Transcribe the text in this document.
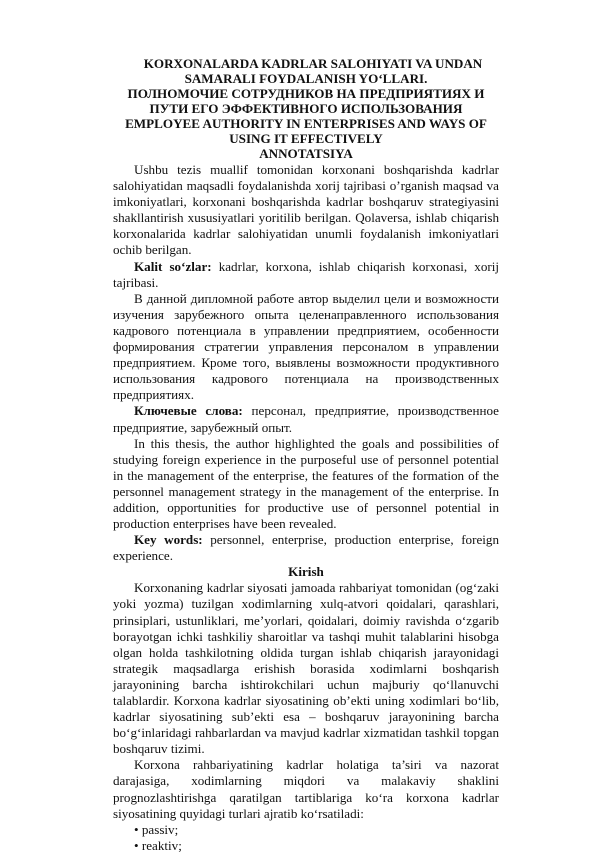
KORXONALARDA KADRLAR SALOHIYATI VA UNDAN SAMARALI FOYDALANISH YO‘LLARI.

ПОЛНОМОЧИЕ СОТРУДНИКОВ НА ПРЕДПРИЯТИЯХ И ПУТИ ЕГО ЭФФЕКТИВНОГО ИСПОЛЬЗОВАНИЯ

EMPLOYEE AUTHORITY IN ENTERPRISES AND WAYS OF USING IT EFFECTIVELY

ANNOTATSIYA

Ushbu tezis muallif tomonidan korxonani boshqarishda kadrlar salohiyatidan maqsadli foydalanishda xorij tajribasi o’rganish maqsad va imkoniyatlari, korxonani boshqarishda kadrlar boshqaruv strategiyasini shakllantirish xususiyatlari yoritilib berilgan. Qolaversa, ishlab chiqarish korxonalarida kadrlar salohiyatidan unumli foydalanish imkoniyatlari ochib berilgan.

Kalit so‘zlar: kadrlar, korxona, ishlab chiqarish korxonasi, xorij tajribasi.

В данной дипломной работе автор выделил цели и возможности изучения зарубежного опыта целенаправленного использования кадрового потенциала в управлении предприятием, особенности формирования стратегии управления персоналом в управлении предприятием. Кроме того, выявлены возможности продуктивного использования кадрового потенциала на производственных предприятиях.

Ключевые слова: персонал, предприятие, производственное предприятие, зарубежный опыт.

In this thesis, the author highlighted the goals and possibilities of studying foreign experience in the purposeful use of personnel potential in the management of the enterprise, the features of the formation of the personnel management strategy in the management of the enterprise. In addition, opportunities for productive use of personnel potential in production enterprises have been revealed.

Key words: personnel, enterprise, production enterprise, foreign experience.

Kirish

Korxonaning kadrlar siyosati jamoada rahbariyat tomonidan (og‘zaki yoki yozma) tuzilgan xodimlarning xulq-atvori qoidalari, qarashlari, prinsiplari, ustunliklari, me’yorlari, qoidalari, doimiy ravishda o‘zgarib borayotgan ichki tashkiliy sharoitlar va tashqi muhit talablarini hisobga olgan holda tashkilotning oldida turgan ishlab chiqarish jarayonidagi strategik maqsadlarga erishish borasida xodimlarni boshqarish jarayonining barcha ishtirokchilari uchun majburiy qo‘llanuvchi talablardir. Korxona kadrlar siyosatining ob’ekti uning xodimlari bo‘lib, kadrlar siyosatining sub’ekti esa – boshqaruv jarayonining barcha bo‘g‘inlaridagi rahbarlardan va mavjud kadrlar xizmatidan tashkil topgan boshqaruv tizimi.

Korxona rahbariyatining kadrlar holatiga ta’siri va nazorat darajasiga, xodimlarning miqdori va malakaviy shaklini prognozlashtirishga qaratilgan tartiblariga ko‘ra korxona kadrlar siyosatining quyidagi turlari ajratib ko‘rsatiladi:

• passiv;
• reaktiv;
